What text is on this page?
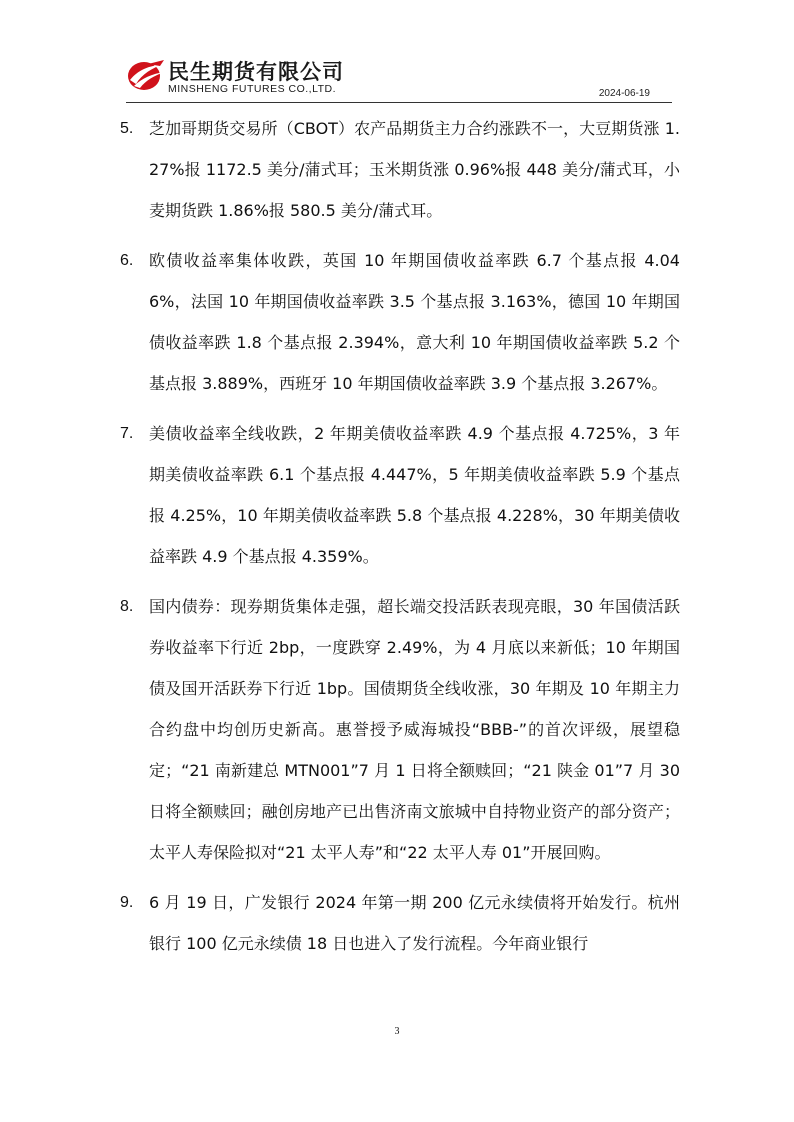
民生期货有限公司
MINSHENG FUTURES CO.,LTD.	2024-06-19
5. 芝加哥期货交易所（CBOT）农产品期货主力合约涨跌不一，大豆期货涨 1.27%报 1172.5 美分/蒲式耳；玉米期货涨 0.96%报 448 美分/蒲式耳，小麦期货跌 1.86%报 580.5 美分/蒲式耳。
6. 欧债收益率集体收跌，英国 10 年期国债收益率跌 6.7 个基点报 4.046%，法国 10 年期国债收益率跌 3.5 个基点报 3.163%，德国 10 年期国债收益率跌 1.8 个基点报 2.394%，意大利 10 年期国债收益率跌 5.2 个基点报 3.889%，西班牙 10 年期国债收益率跌 3.9 个基点报 3.267%。
7. 美债收益率全线收跌，2 年期美债收益率跌 4.9 个基点报 4.725%，3 年期美债收益率跌 6.1 个基点报 4.447%，5 年期美债收益率跌 5.9 个基点报 4.25%，10 年期美债收益率跌 5.8 个基点报 4.228%，30 年期美债收益率跌 4.9 个基点报 4.359%。
8. 国内债券：现券期货集体走强，超长端交投活跃表现亮眼，30 年国债活跃券收益率下行近 2bp，一度跌穿 2.49%，为 4 月底以来新低；10 年期国债及国开活跃券下行近 1bp。国债期货全线收涨，30 年期及 10 年期主力合约盘中均创历史新高。惠誉授予威海城投“BBB-”的首次评级，展望稳定；“21 南新建总 MTN001”7 月 1 日将全额赎回；“21 陕金 01”7 月 30 日将全额赎回；融创房地产已出售济南文旅城中自持物业资产的部分资产；太平人寿保险拟对“21 太平人寿”和“22 太平人寿 01”开展回购。
9. 6 月 19 日，广发银行 2024 年第一期 200 亿元永续债将开始发行。杭州银行 100 亿元永续债 18 日也进入了发行流程。今年商业银行
3
